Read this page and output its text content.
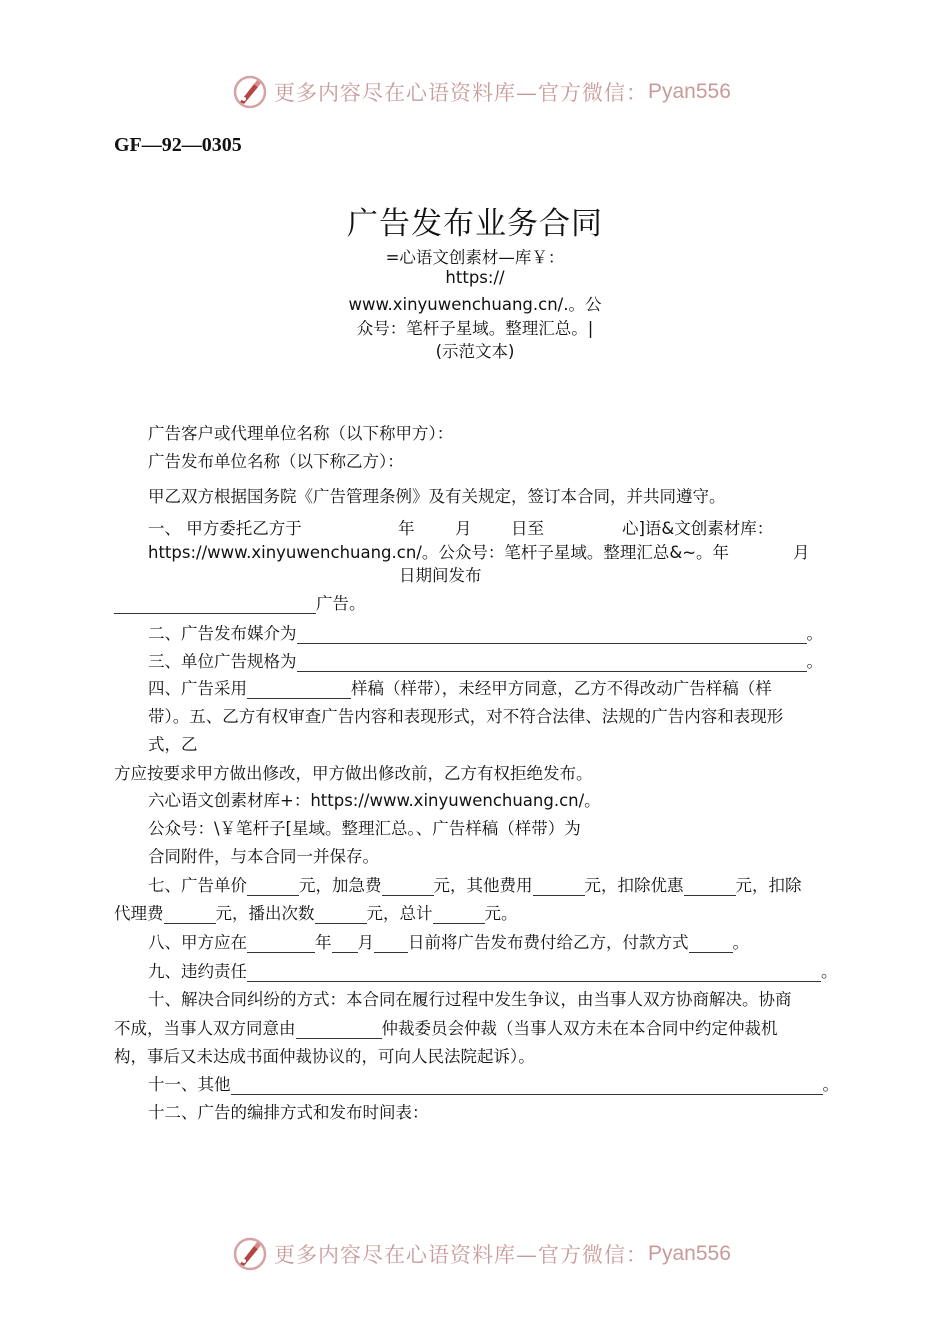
更多内容尽在心语资料库—官方微信： Pyan556
GF—92—0305
广告发布业务合同
=心语文创素材—库￥：
https://
www.xinyuwenchuang.cn/.。公
众号：笔杆子星域。整理汇总。|
(示范文本)
广告客户或代理单位名称（以下称甲方）：
广告发布单位名称（以下称乙方）：
甲乙双方根据国务院《广告管理条例》及有关规定，签订本合同，并共同遵守。
一、 甲方委托乙方于	年 月 日至	心]语&文创素材库：
https://www.xinyuwenchuang.cn/。公众号：笔杆子星域。整理汇总&~。年	月
日期间发布
广告。
二、广告发布媒介为	。
三、单位广告规格为	。
四、广告采用	样稿（样带），未经甲方同意，乙方不得改动广告样稿（样
带）。五、乙方有权审查广告内容和表现形式，对不符合法律、法规的广告内容和表现形
式，乙
方应按要求甲方做出修改，甲方做出修改前，乙方有权拒绝发布。
六心语文创素材库+：https://www.xinyuwenchuang.cn/。
公众号：\￥笔杆子[星域。整理汇总。、广告样稿（样带）为
合同附件，与本合同一并保存。
七、广告单价	元，加急费	元，其他费用	元，扣除优惠	元，扣除
代理费	元，播出次数	元，总计	元。
八、甲方应在	年 月 日前将广告发布费付给乙方，付款方式	。
九、违约责任	。
十、解决合同纠纷的方式：本合同在履行过程中发生争议，由当事人双方协商解决。协商
不成，当事人双方同意由	仲裁委员会仲裁（当事人双方未在本合同中约定仲裁机
构，事后又未达成书面仲裁协议的，可向人民法院起诉）。
十一、其他	。
十二、广告的编排方式和发布时间表：
更多内容尽在心语资料库—官方微信： Pyan556
